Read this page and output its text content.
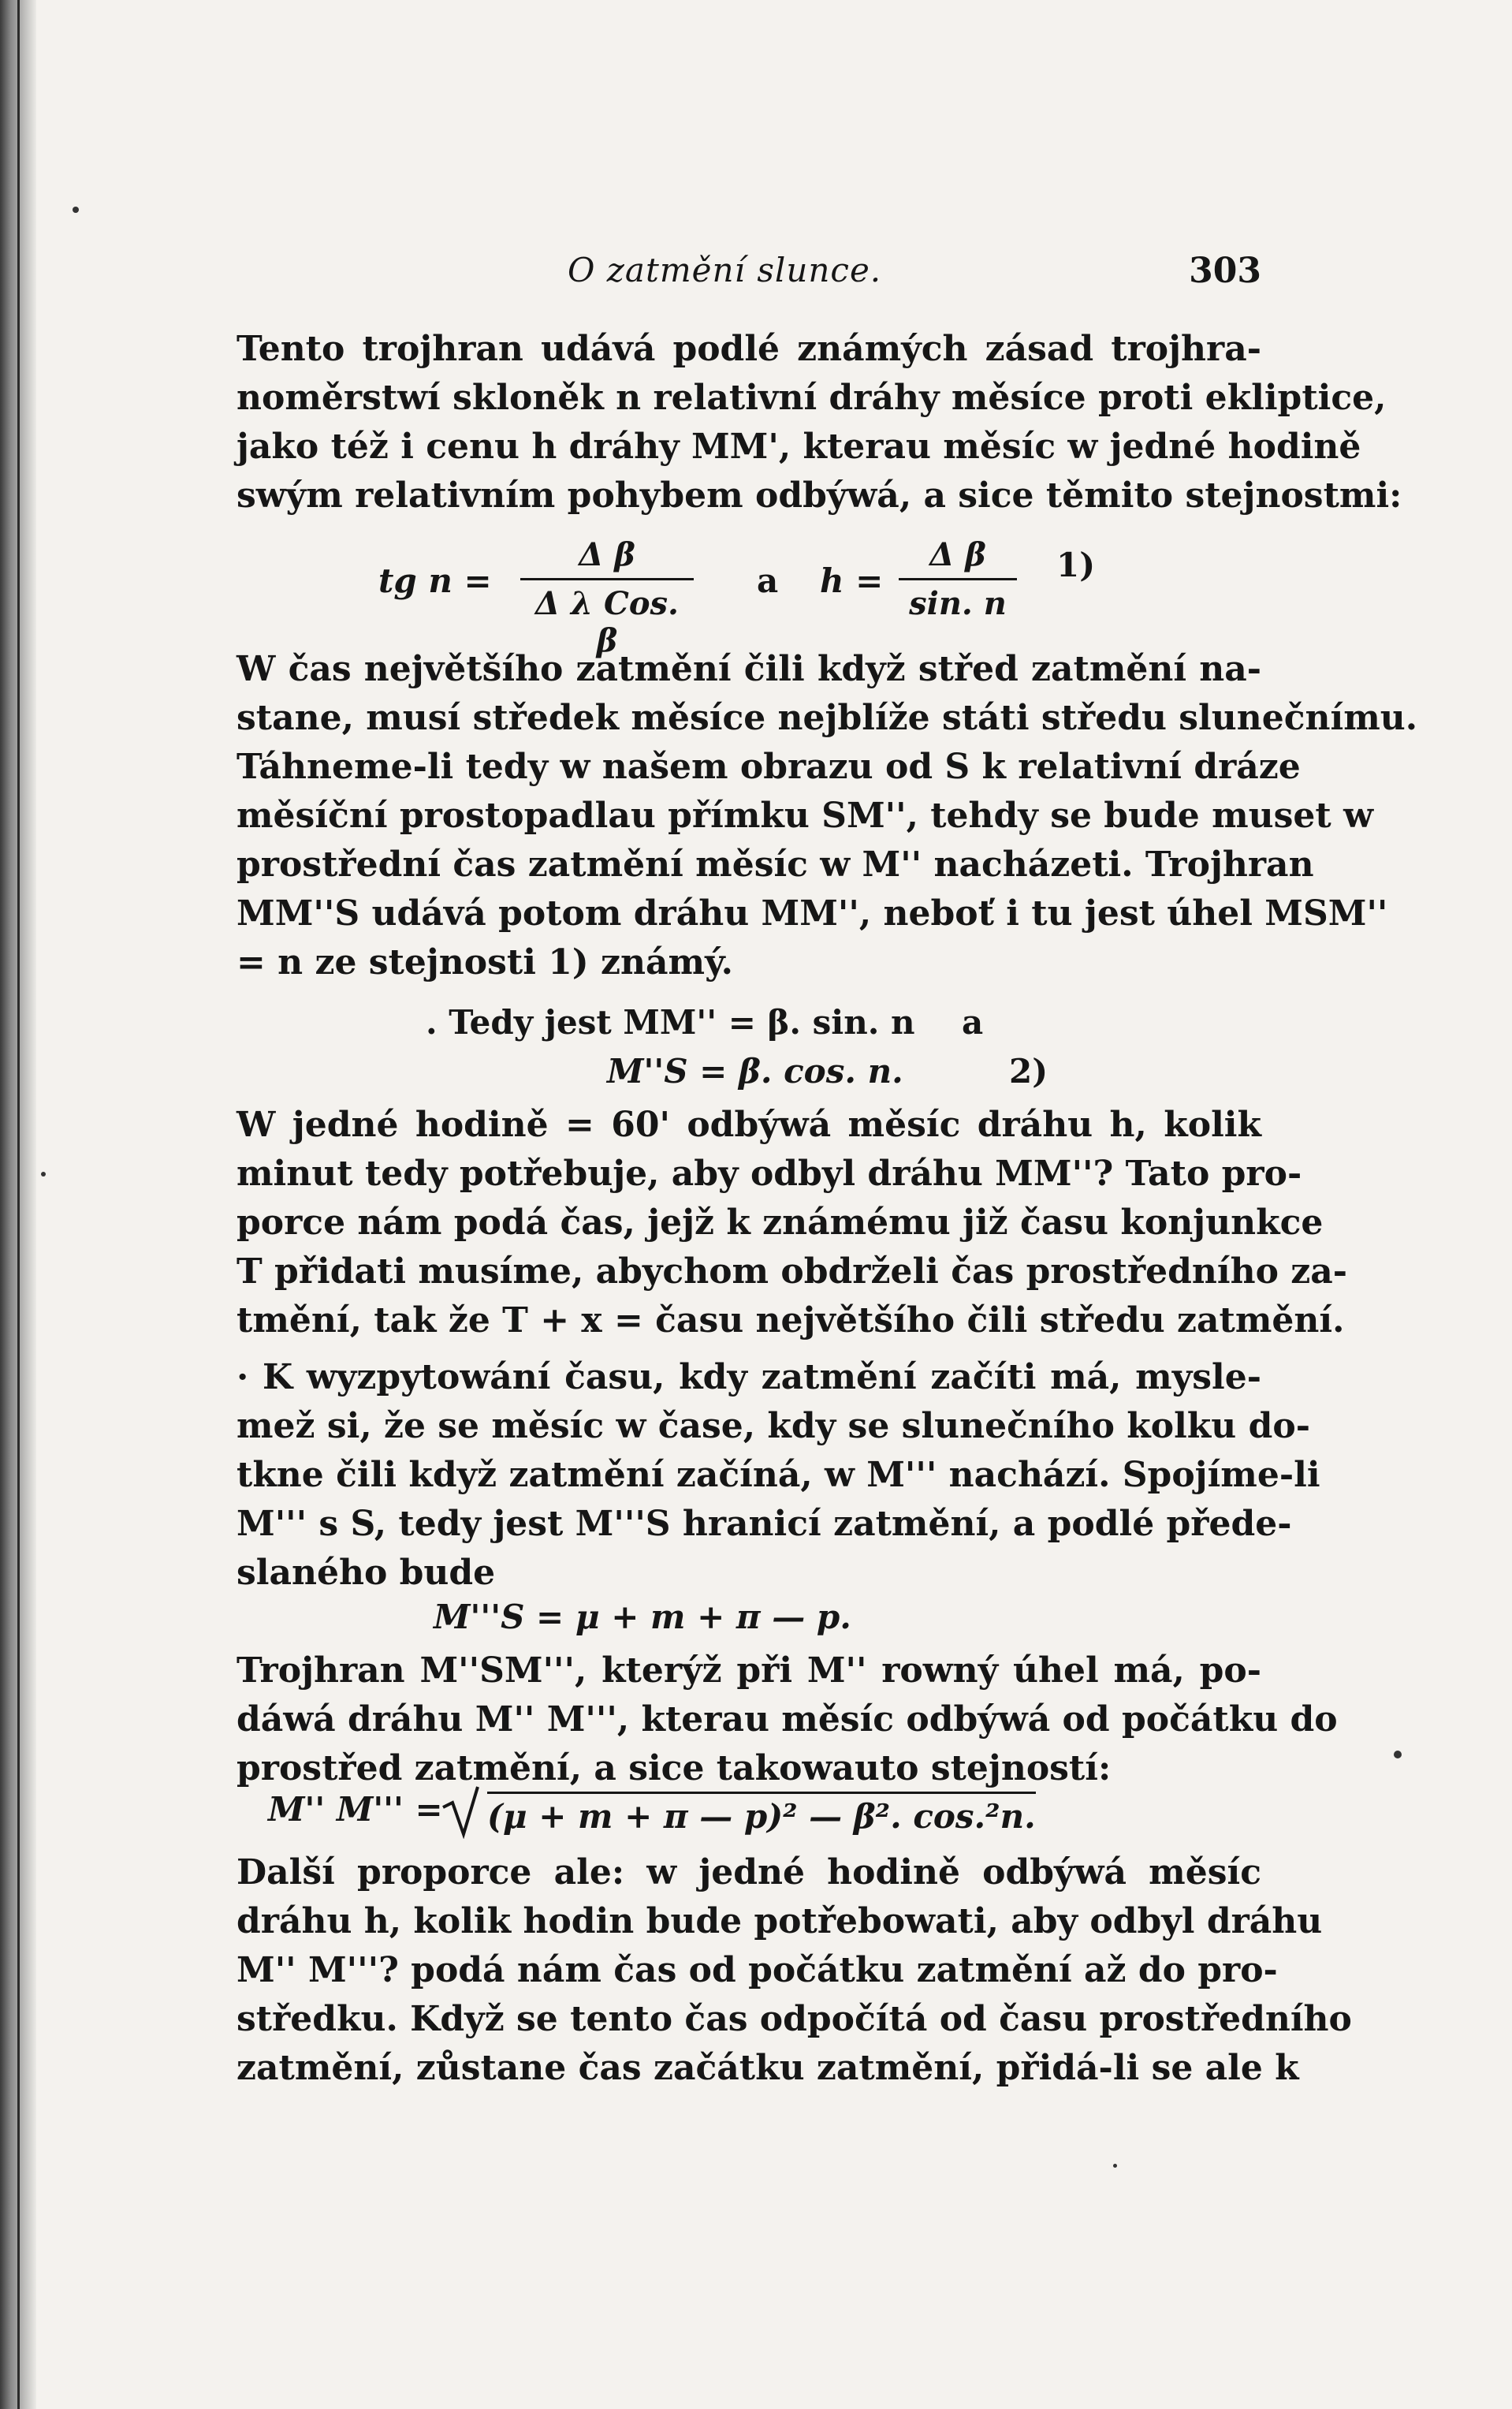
O zatmění slunce.	303
Tento trojhran udává podlé známých zásad trojhra-
noměrstwí skloněk n relativní dráhy měsíce proti ekliptice,
jako též i cenu h dráhy MM', kterau měsíc w jedné hodině
swým relativním pohybem odbýwá, a sice těmito stejnostmi:
tg n =
Δ β
Δ λ Cos. β
a h =
Δ β
sin. n
1)
W čas největšího zatmění čili když střed zatmění na-
stane, musí středek měsíce nejblíže státi středu slunečnímu.
Táhneme-li tedy w našem obrazu od S k relativní dráze
měsíční prostopadlau přímku SM'', tehdy se bude muset w
prostřední čas zatmění měsíc w M'' nacházeti. Trojhran
MM''S udává potom dráhu MM'', neboť i tu jest úhel MSM''
= n ze stejnosti 1) známý.
. Tedy jest MM'' = β. sin. n a
M''S = β. cos. n.	2)
W jedné hodině = 60' odbýwá měsíc dráhu h, kolik
minut tedy potřebuje, aby odbyl dráhu MM''? Tato pro-
porce nám podá čas, jejž k známému již času konjunkce
T přidati musíme, abychom obdrželi čas prostředního za-
tmění, tak že T + x = času největšího čili středu zatmění.
· K wyzpytowání času, kdy zatmění začíti má, mysle-
mež si, že se měsíc w čase, kdy se slunečního kolku do-
tkne čili když zatmění začíná, w M''' nachází. Spojíme-li
M''' s S, tedy jest M'''S hranicí zatmění, a podlé přede-
slaného bude
M'''S = μ + m + π — p.
Trojhran M''SM''', kterýž při M'' rowný úhel má, po-
dáwá dráhu M'' M''', kterau měsíc odbýwá od počátku do
prostřed zatmění, a sice takowauto stejností:
M'' M''' = (μ + m + π — p)² — β². cos.²n.
Další proporce ale: w jedné hodině odbýwá měsíc
dráhu h, kolik hodin bude potřebowati, aby odbyl dráhu
M'' M'''? podá nám čas od počátku zatmění až do pro-
středku. Když se tento čas odpočítá od času prostředního
zatmění, zůstane čas začátku zatmění, přidá-li se ale k
